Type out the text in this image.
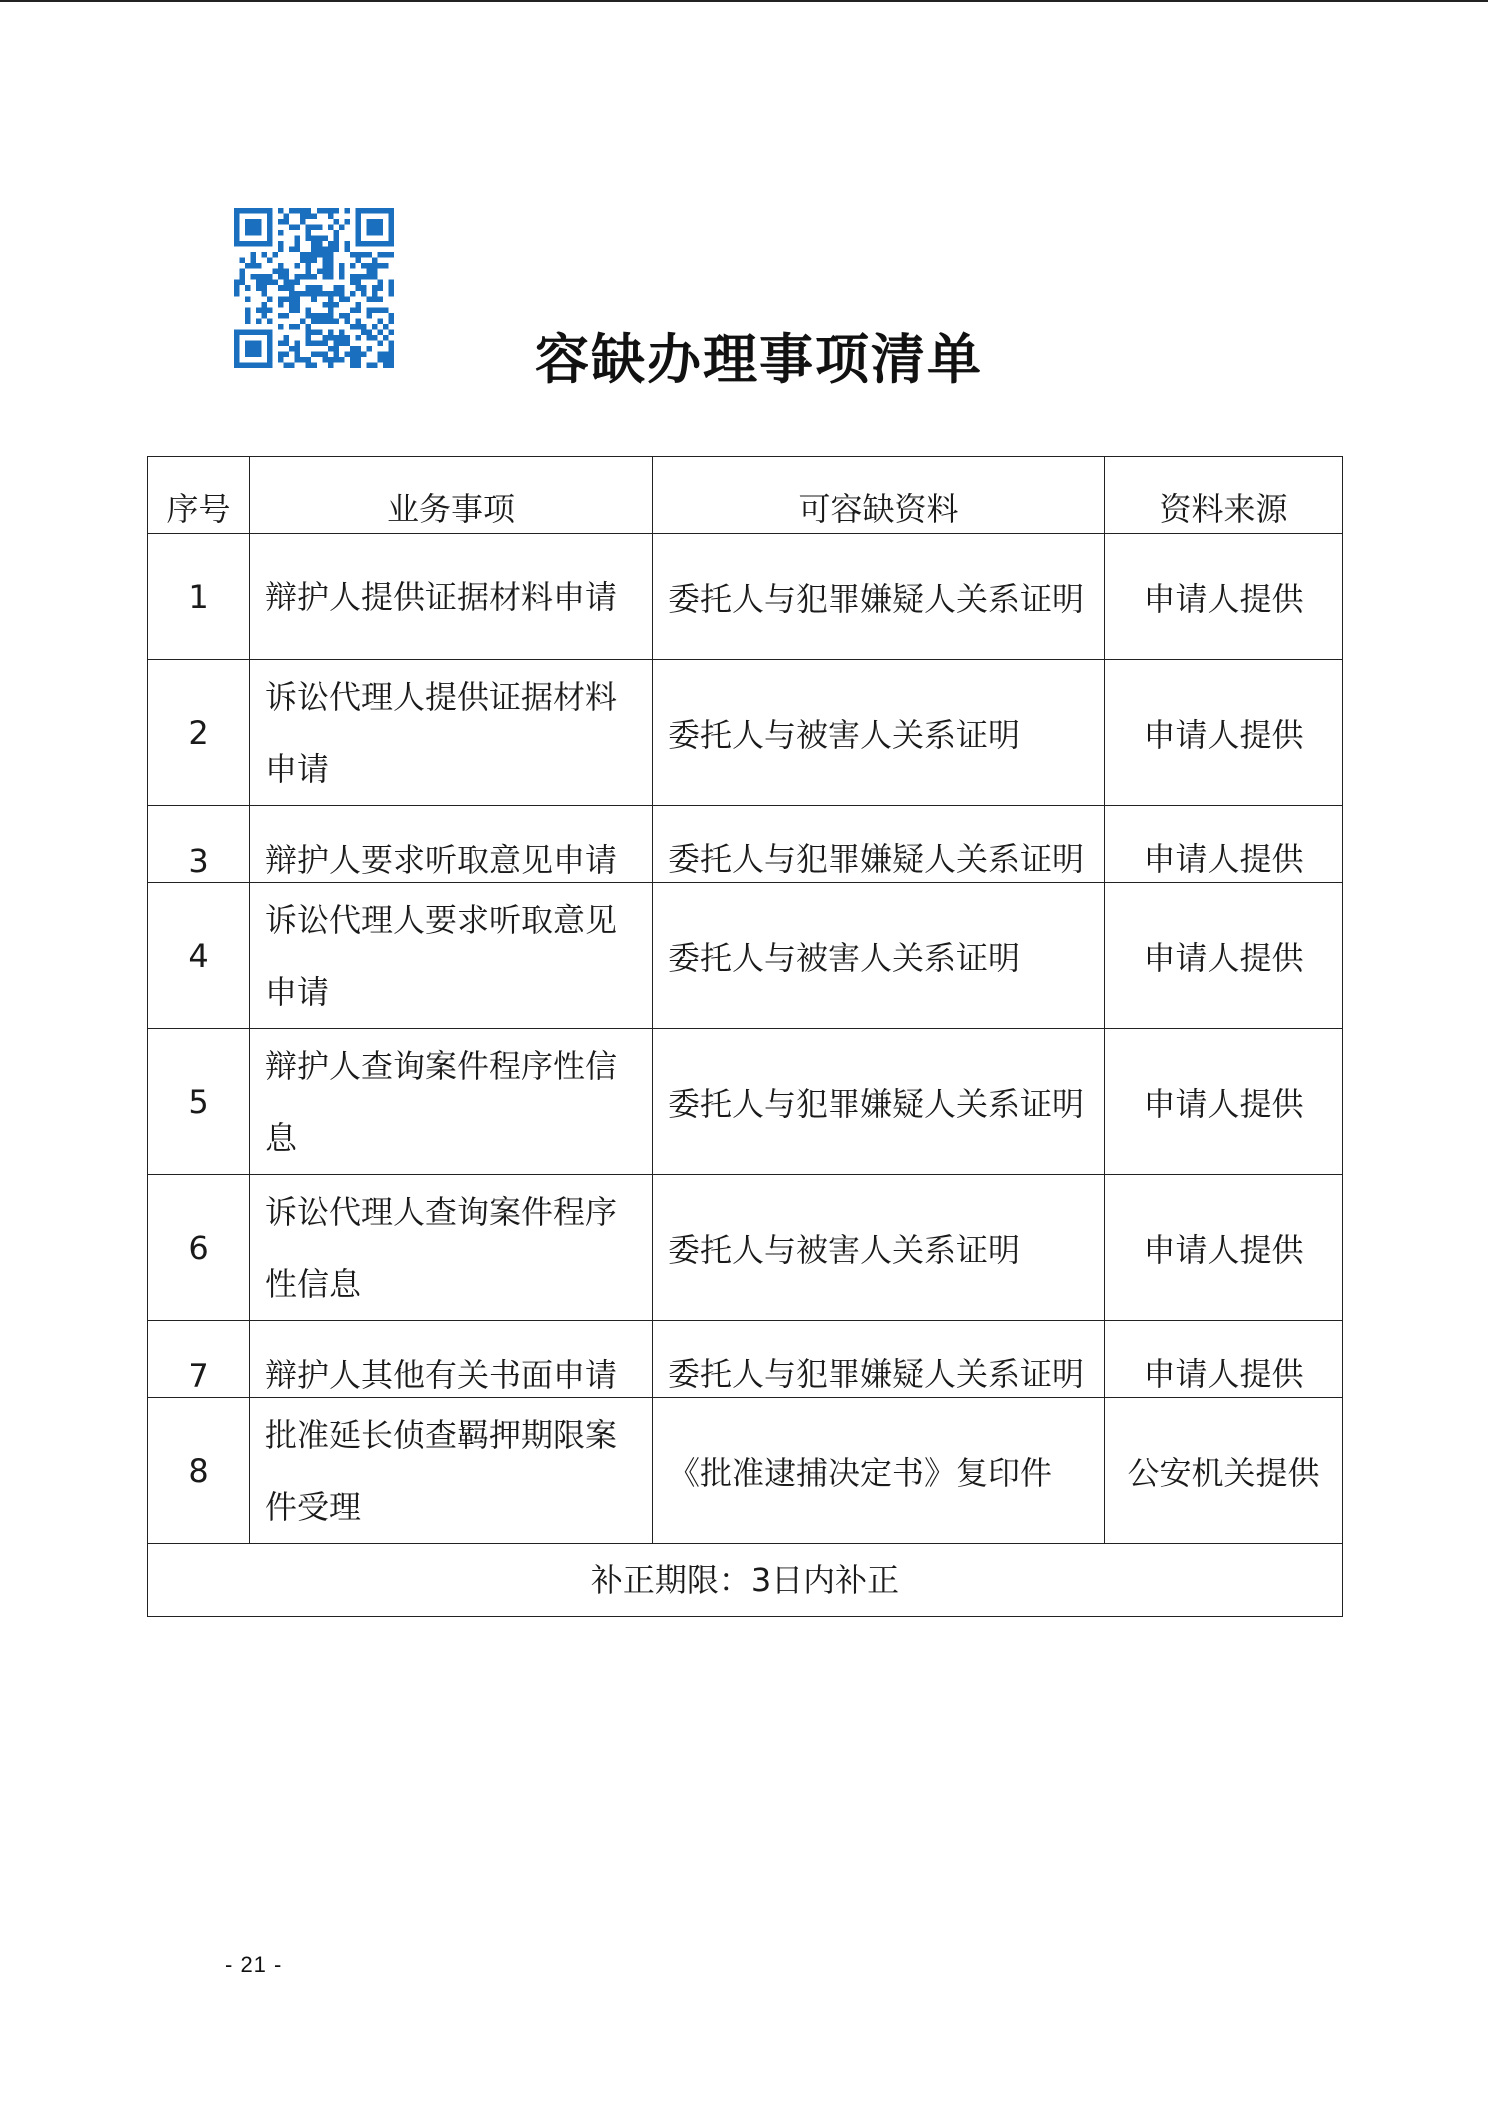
容缺办理事项清单
序号	业务事项	可容缺资料	资料来源
1	辩护人提供证据材料申请	委托人与犯罪嫌疑人关系证明	申请人提供
2	诉讼代理人提供证据材料申请	委托人与被害人关系证明	申请人提供
3	辩护人要求听取意见申请	委托人与犯罪嫌疑人关系证明	申请人提供
4	诉讼代理人要求听取意见申请	委托人与被害人关系证明	申请人提供
5	辩护人查询案件程序性信息	委托人与犯罪嫌疑人关系证明	申请人提供
6	诉讼代理人查询案件程序性信息	委托人与被害人关系证明	申请人提供
7	辩护人其他有关书面申请	委托人与犯罪嫌疑人关系证明	申请人提供
8	批准延长侦查羁押期限案件受理	《批准逮捕决定书》复印件	公安机关提供
补正期限：3日内补正			
- 21 -
